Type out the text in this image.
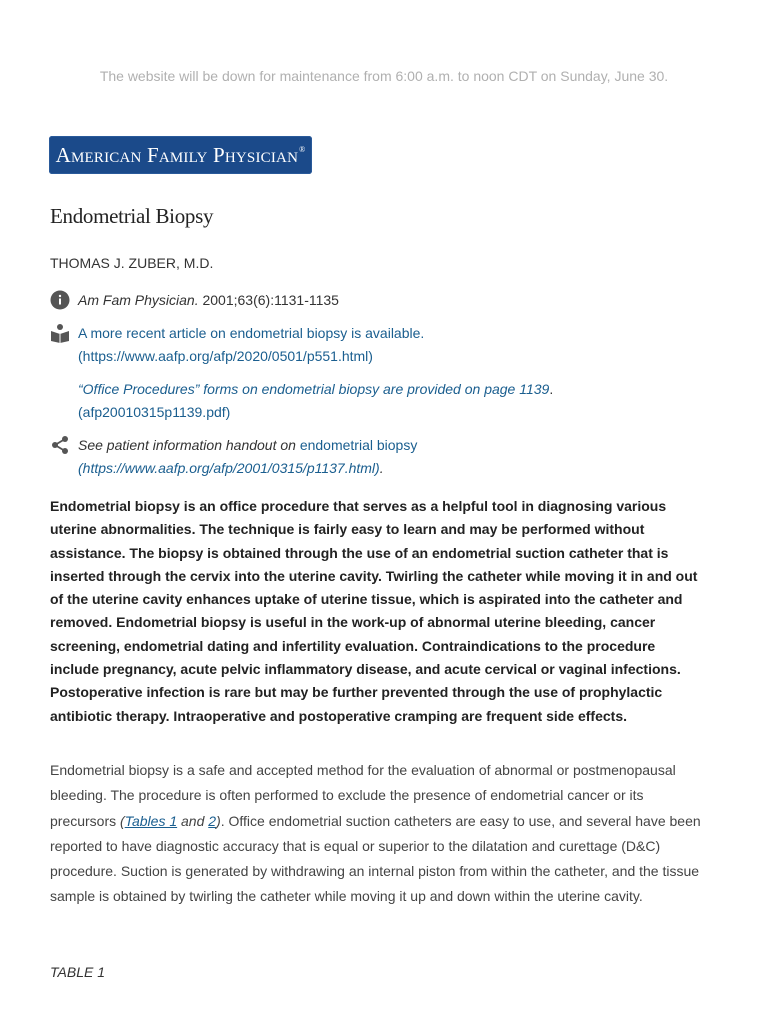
The website will be down for maintenance from 6:00 a.m. to noon CDT on Sunday, June 30.
American Family Physician®
Endometrial Biopsy
THOMAS J. ZUBER, M.D.
Am Fam Physician. 2001;63(6):1131-1135
A more recent article on endometrial biopsy is available.
(https://www.aafp.org/afp/2020/0501/p551.html)
“Office Procedures” forms on endometrial biopsy are provided on page 1139.
(afp20010315p1139.pdf)
See patient information handout on endometrial biopsy
(https://www.aafp.org/afp/2001/0315/p1137.html).

Endometrial biopsy is an office procedure that serves as a helpful tool in diagnosing various uterine abnormalities. The technique is fairly easy to learn and may be performed without assistance. The biopsy is obtained through the use of an endometrial suction catheter that is inserted through the cervix into the uterine cavity. Twirling the catheter while moving it in and out of the uterine cavity enhances uptake of uterine tissue, which is aspirated into the catheter and removed. Endometrial biopsy is useful in the work-up of abnormal uterine bleeding, cancer screening, endometrial dating and infertility evaluation. Contraindications to the procedure include pregnancy, acute pelvic inflammatory disease, and acute cervical or vaginal infections. Postoperative infection is rare but may be further prevented through the use of prophylactic antibiotic therapy. Intraoperative and postoperative cramping are frequent side effects.

Endometrial biopsy is a safe and accepted method for the evaluation of abnormal or postmenopausal bleeding. The procedure is often performed to exclude the presence of endometrial cancer or its precursors (Tables 1 and 2). Office endometrial suction catheters are easy to use, and several have been reported to have diagnostic accuracy that is equal or superior to the dilatation and curettage (D&C) procedure. Suction is generated by withdrawing an internal piston from within the catheter, and the tissue sample is obtained by twirling the catheter while moving it up and down within the uterine cavity.

TABLE 1
